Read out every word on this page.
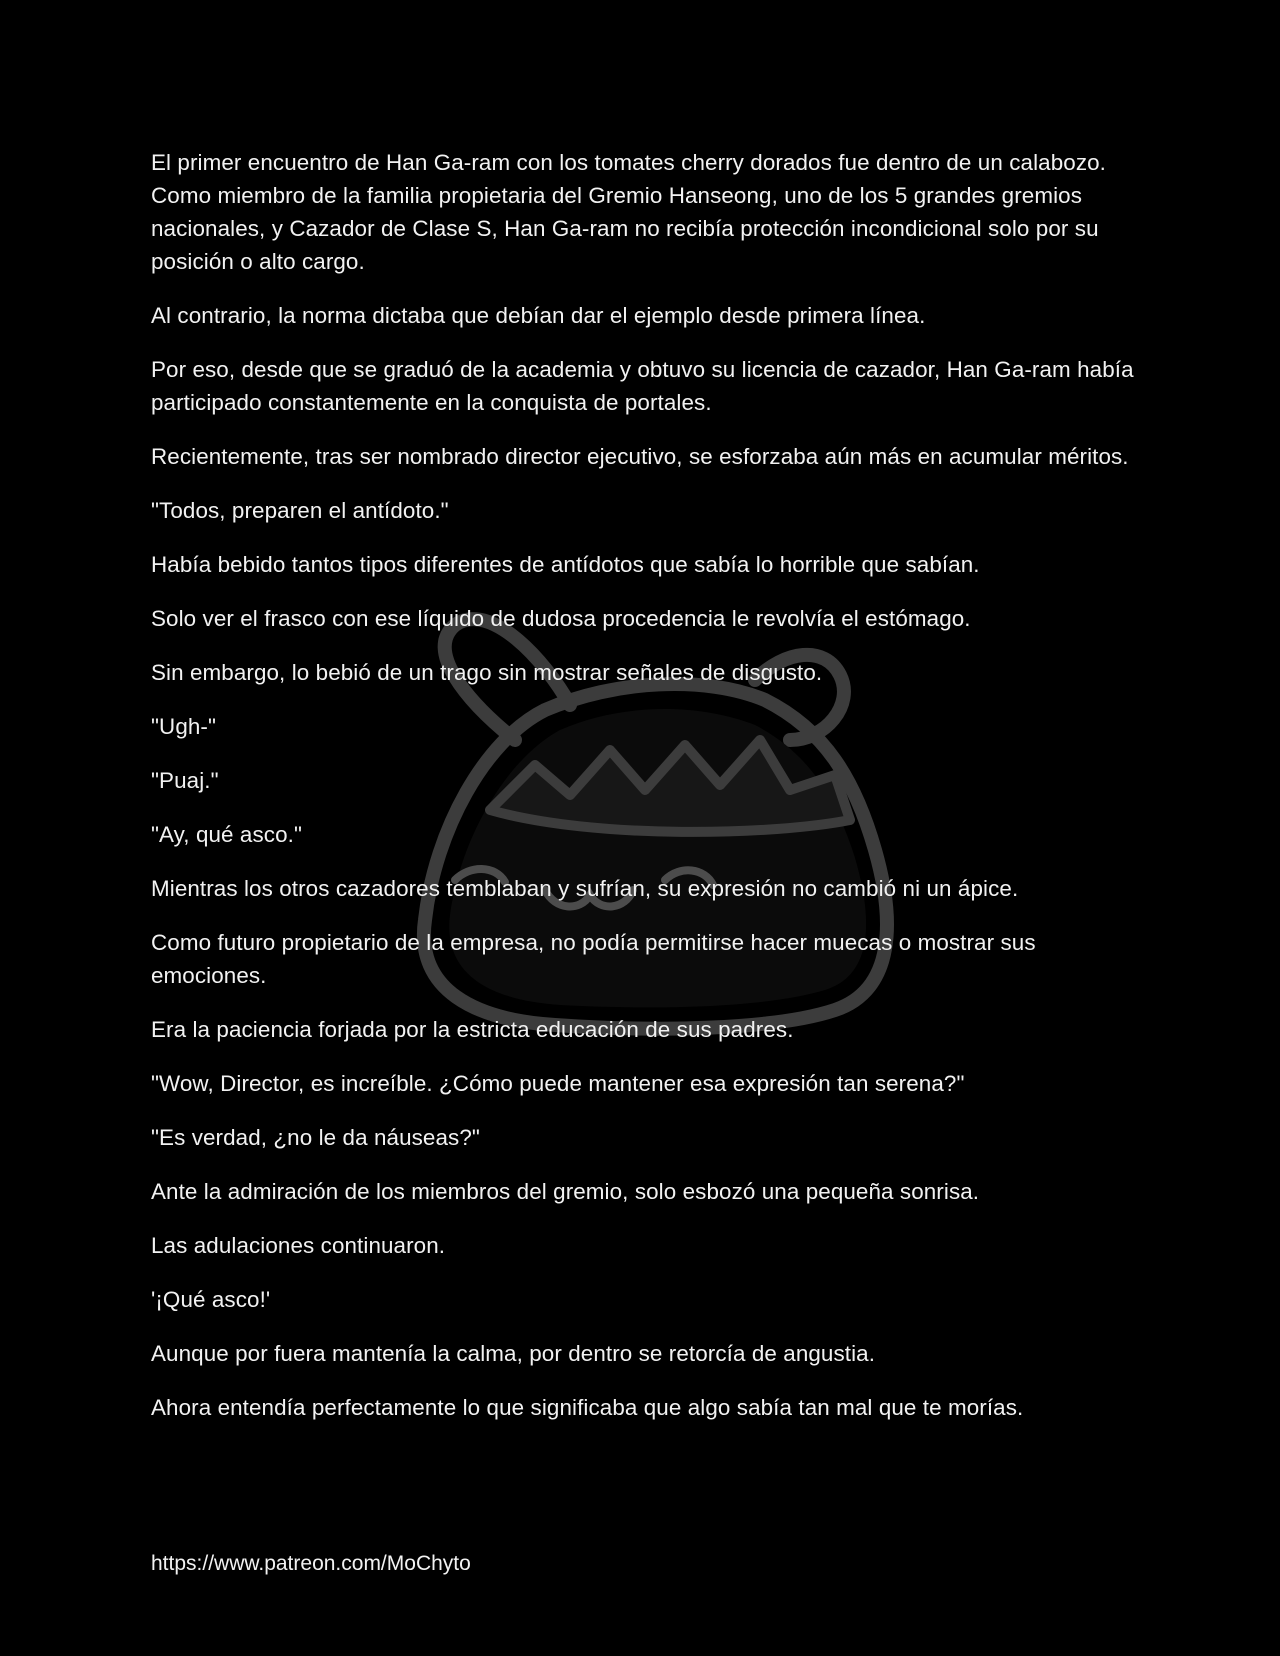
El primer encuentro de Han Ga-ram con los tomates cherry dorados fue dentro de un calabozo. Como miembro de la familia propietaria del Gremio Hanseong, uno de los 5 grandes gremios nacionales, y Cazador de Clase S, Han Ga-ram no recibía protección incondicional solo por su posición o alto cargo.

Al contrario, la norma dictaba que debían dar el ejemplo desde primera línea.

Por eso, desde que se graduó de la academia y obtuvo su licencia de cazador, Han Ga-ram había participado constantemente en la conquista de portales.

Recientemente, tras ser nombrado director ejecutivo, se esforzaba aún más en acumular méritos.

"Todos, preparen el antídoto."

Había bebido tantos tipos diferentes de antídotos que sabía lo horrible que sabían.

Solo ver el frasco con ese líquido de dudosa procedencia le revolvía el estómago.

Sin embargo, lo bebió de un trago sin mostrar señales de disgusto.

"Ugh-"

"Puaj."

"Ay, qué asco."

Mientras los otros cazadores temblaban y sufrían, su expresión no cambió ni un ápice.

Como futuro propietario de la empresa, no podía permitirse hacer muecas o mostrar sus emociones.

Era la paciencia forjada por la estricta educación de sus padres.

"Wow, Director, es increíble. ¿Cómo puede mantener esa expresión tan serena?"

"Es verdad, ¿no le da náuseas?"

Ante la admiración de los miembros del gremio, solo esbozó una pequeña sonrisa.

Las adulaciones continuaron.

'¡Qué asco!'

Aunque por fuera mantenía la calma, por dentro se retorcía de angustia.

Ahora entendía perfectamente lo que significaba que algo sabía tan mal que te morías.

https://www.patreon.com/MoChyto
